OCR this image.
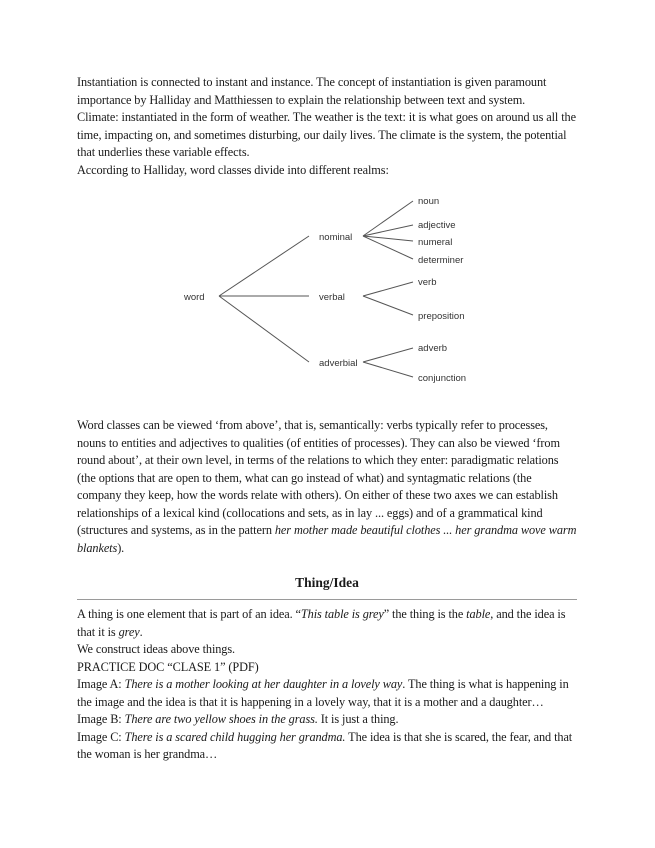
Instantiation is connected to instant and instance. The concept of instantiation is given paramount importance by Halliday and Matthiessen to explain the relationship between text and system.

Climate: instantiated in the form of weather. The weather is the text: it is what goes on around us all the time, impacting on, and sometimes disturbing, our daily lives. The climate is the system, the potential that underlies these variable effects.

According to Halliday, word classes divide into different realms:

word
nominal
verbal
adverbial
noun
adjective
numeral
determiner
verb
preposition
adverb
conjunction

Word classes can be viewed ‘from above’, that is, semantically: verbs typically refer to processes, nouns to entities and adjectives to qualities (of entities of processes). They can also be viewed ‘from round about’, at their own level, in terms of the relations to which they enter: paradigmatic relations (the options that are open to them, what can go instead of what) and syntagmatic relations (the company they keep, how the words relate with others). On either of these two axes we can establish relationships of a lexical kind (collocations and sets, as in lay ... eggs) and of a grammatical kind (structures and systems, as in the pattern her mother made beautiful clothes ... her grandma wove warm blankets).

Thing/Idea

A thing is one element that is part of an idea. “This table is grey” the thing is the table, and the idea is that it is grey.

We construct ideas above things.

PRACTICE DOC “CLASE 1” (PDF)

Image A: There is a mother looking at her daughter in a lovely way. The thing is what is happening in the image and the idea is that it is happening in a lovely way, that it is a mother and a daughter…

Image B: There are two yellow shoes in the grass. It is just a thing.

Image C: There is a scared child hugging her grandma. The idea is that she is scared, the fear, and that the woman is her grandma…
